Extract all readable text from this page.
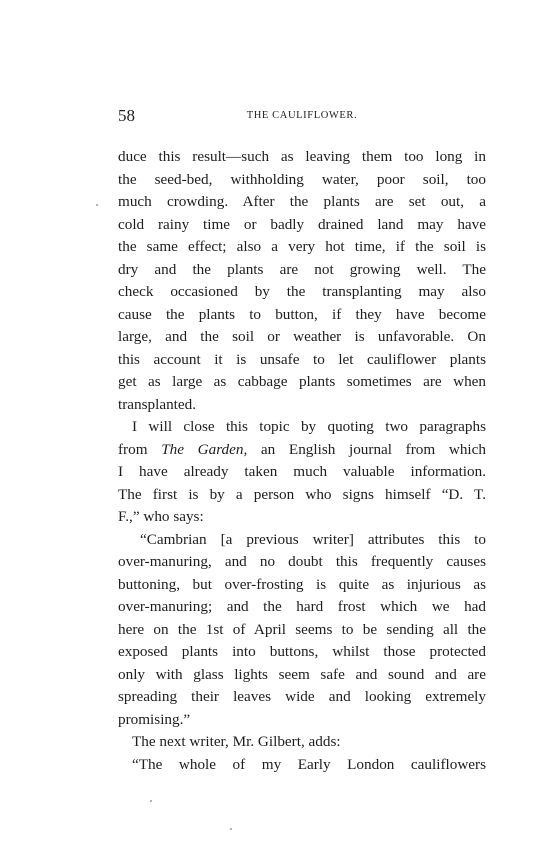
58	THE CAULIFLOWER.
duce this result—such as leaving them too long in
the seed-bed, withholding water, poor soil, too
much crowding. After the plants are set out, a
cold rainy time or badly drained land may have
the same effect; also a very hot time, if the soil is
dry and the plants are not growing well. The
check occasioned by the transplanting may also
cause the plants to button, if they have become
large, and the soil or weather is unfavorable. On
this account it is unsafe to let cauliflower plants
get as large as cabbage plants sometimes are when
transplanted.
I will close this topic by quoting two paragraphs
from The Garden, an English journal from which
I have already taken much valuable information.
The first is by a person who signs himself “D. T.
F.,” who says:
“Cambrian [a previous writer] attributes this to
over-manuring, and no doubt this frequently causes
buttoning, but over-frosting is quite as injurious as
over-manuring; and the hard frost which we had
here on the 1st of April seems to be sending all the
exposed plants into buttons, whilst those protected
only with glass lights seem safe and sound and are
spreading their leaves wide and looking extremely
promising.”
The next writer, Mr. Gilbert, adds:
“The whole of my Early London cauliflowers
